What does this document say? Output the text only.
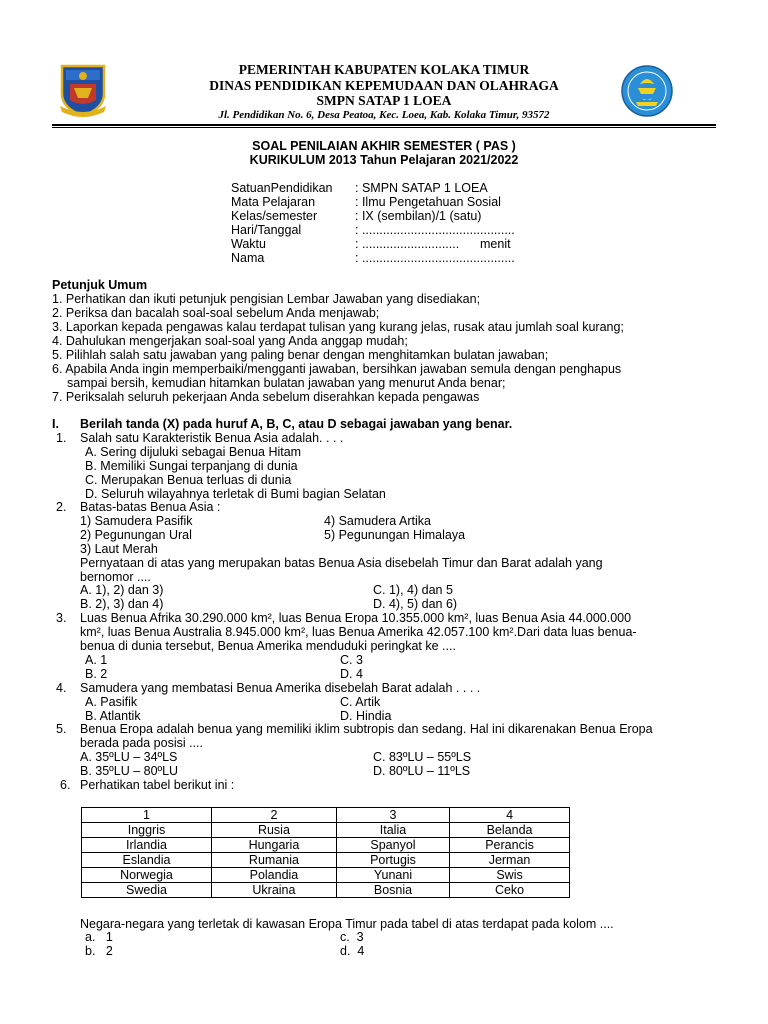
PEMERINTAH KABUPATEN KOLAKA TIMUR
DINAS PENDIDIKAN KEPEMUDAAN DAN OLAHRAGA
SMPN SATAP 1 LOEA
Jl. Pendidikan No. 6, Desa Peatoa, Kec. Loea, Kab. Kolaka Timur, 93572
SOAL PENILAIAN AKHIR SEMESTER ( PAS )
KURIKULUM 2013 Tahun Pelajaran 2021/2022
SatuanPendidikan : SMPN SATAP 1 LOEA
Mata Pelajaran	: Ilmu Pengetahuan Sosial
Kelas/semester	: IX (sembilan)/1 (satu)
Hari/Tanggal	: ............................................
Waktu	: ............................      menit
Nama	: ............................................
Petunjuk Umum
1. Perhatikan dan ikuti petunjuk pengisian Lembar Jawaban yang disediakan;
2. Periksa dan bacalah soal-soal sebelum Anda menjawab;
3. Laporkan kepada pengawas kalau terdapat tulisan yang kurang jelas, rusak atau jumlah soal kurang;
4. Dahulukan mengerjakan soal-soal yang Anda anggap mudah;
5. Pilihlah salah satu jawaban yang paling benar dengan menghitamkan bulatan jawaban;
6. Apabila Anda ingin memperbaiki/mengganti jawaban, bersihkan jawaban semula dengan penghapus
sampai bersih, kemudian hitamkan bulatan jawaban yang menurut Anda benar;
7. Periksalah seluruh pekerjaan Anda sebelum diserahkan kepada pengawas
I. Berilah tanda (X) pada huruf A, B, C, atau D sebagai jawaban yang benar.
1. Salah satu Karakteristik Benua Asia adalah. . . .
A. Sering dijuluki sebagai Benua Hitam
B. Memiliki Sungai terpanjang di dunia
C. Merupakan Benua terluas di dunia
D. Seluruh wilayahnya terletak di Bumi bagian Selatan
2. Batas-batas Benua Asia :
1) Samudera Pasifik	4) Samudera Artika
2) Pegunungan Ural	5) Pegunungan Himalaya
3) Laut Merah
Pernyataan di atas yang merupakan batas Benua Asia disebelah Timur dan Barat adalah yang
bernomor ....
A. 1), 2) dan 3)	C. 1), 4) dan 5
B. 2), 3) dan 4)	D. 4), 5) dan 6)
3. Luas Benua Afrika 30.290.000 km², luas Benua Eropa 10.355.000 km², luas Benua Asia 44.000.000
km², luas Benua Australia 8.945.000 km², luas Benua Amerika 42.057.100 km².Dari data luas benua-
benua di dunia tersebut, Benua Amerika menduduki peringkat ke ....
A. 1	C. 3
B. 2	D. 4
4. Samudera yang membatasi Benua Amerika disebelah Barat adalah . . . .
A. Pasifik	C. Artik
B. Atlantik	D. Hindia
5. Benua Eropa adalah benua yang memiliki iklim subtropis dan sedang. Hal ini dikarenakan Benua Eropa
berada pada posisi ....
A. 35ºLU – 34ºLS	C. 83ºLU – 55ºLS
B. 35ºLU – 80ºLU	D. 80ºLU – 11ºLS
6. Perhatikan tabel berikut ini :
1	2	3	4
Inggris	Rusia	Italia	Belanda
Irlandia	Hungaria	Spanyol	Perancis
Eslandia	Rumania	Portugis	Jerman
Norwegia	Polandia	Yunani	Swis
Swedia	Ukraina	Bosnia	Ceko
Negara-negara yang terletak di kawasan Eropa Timur pada tabel di atas terdapat pada kolom ....
a.   1	c.  3
b.   2	d.  4
